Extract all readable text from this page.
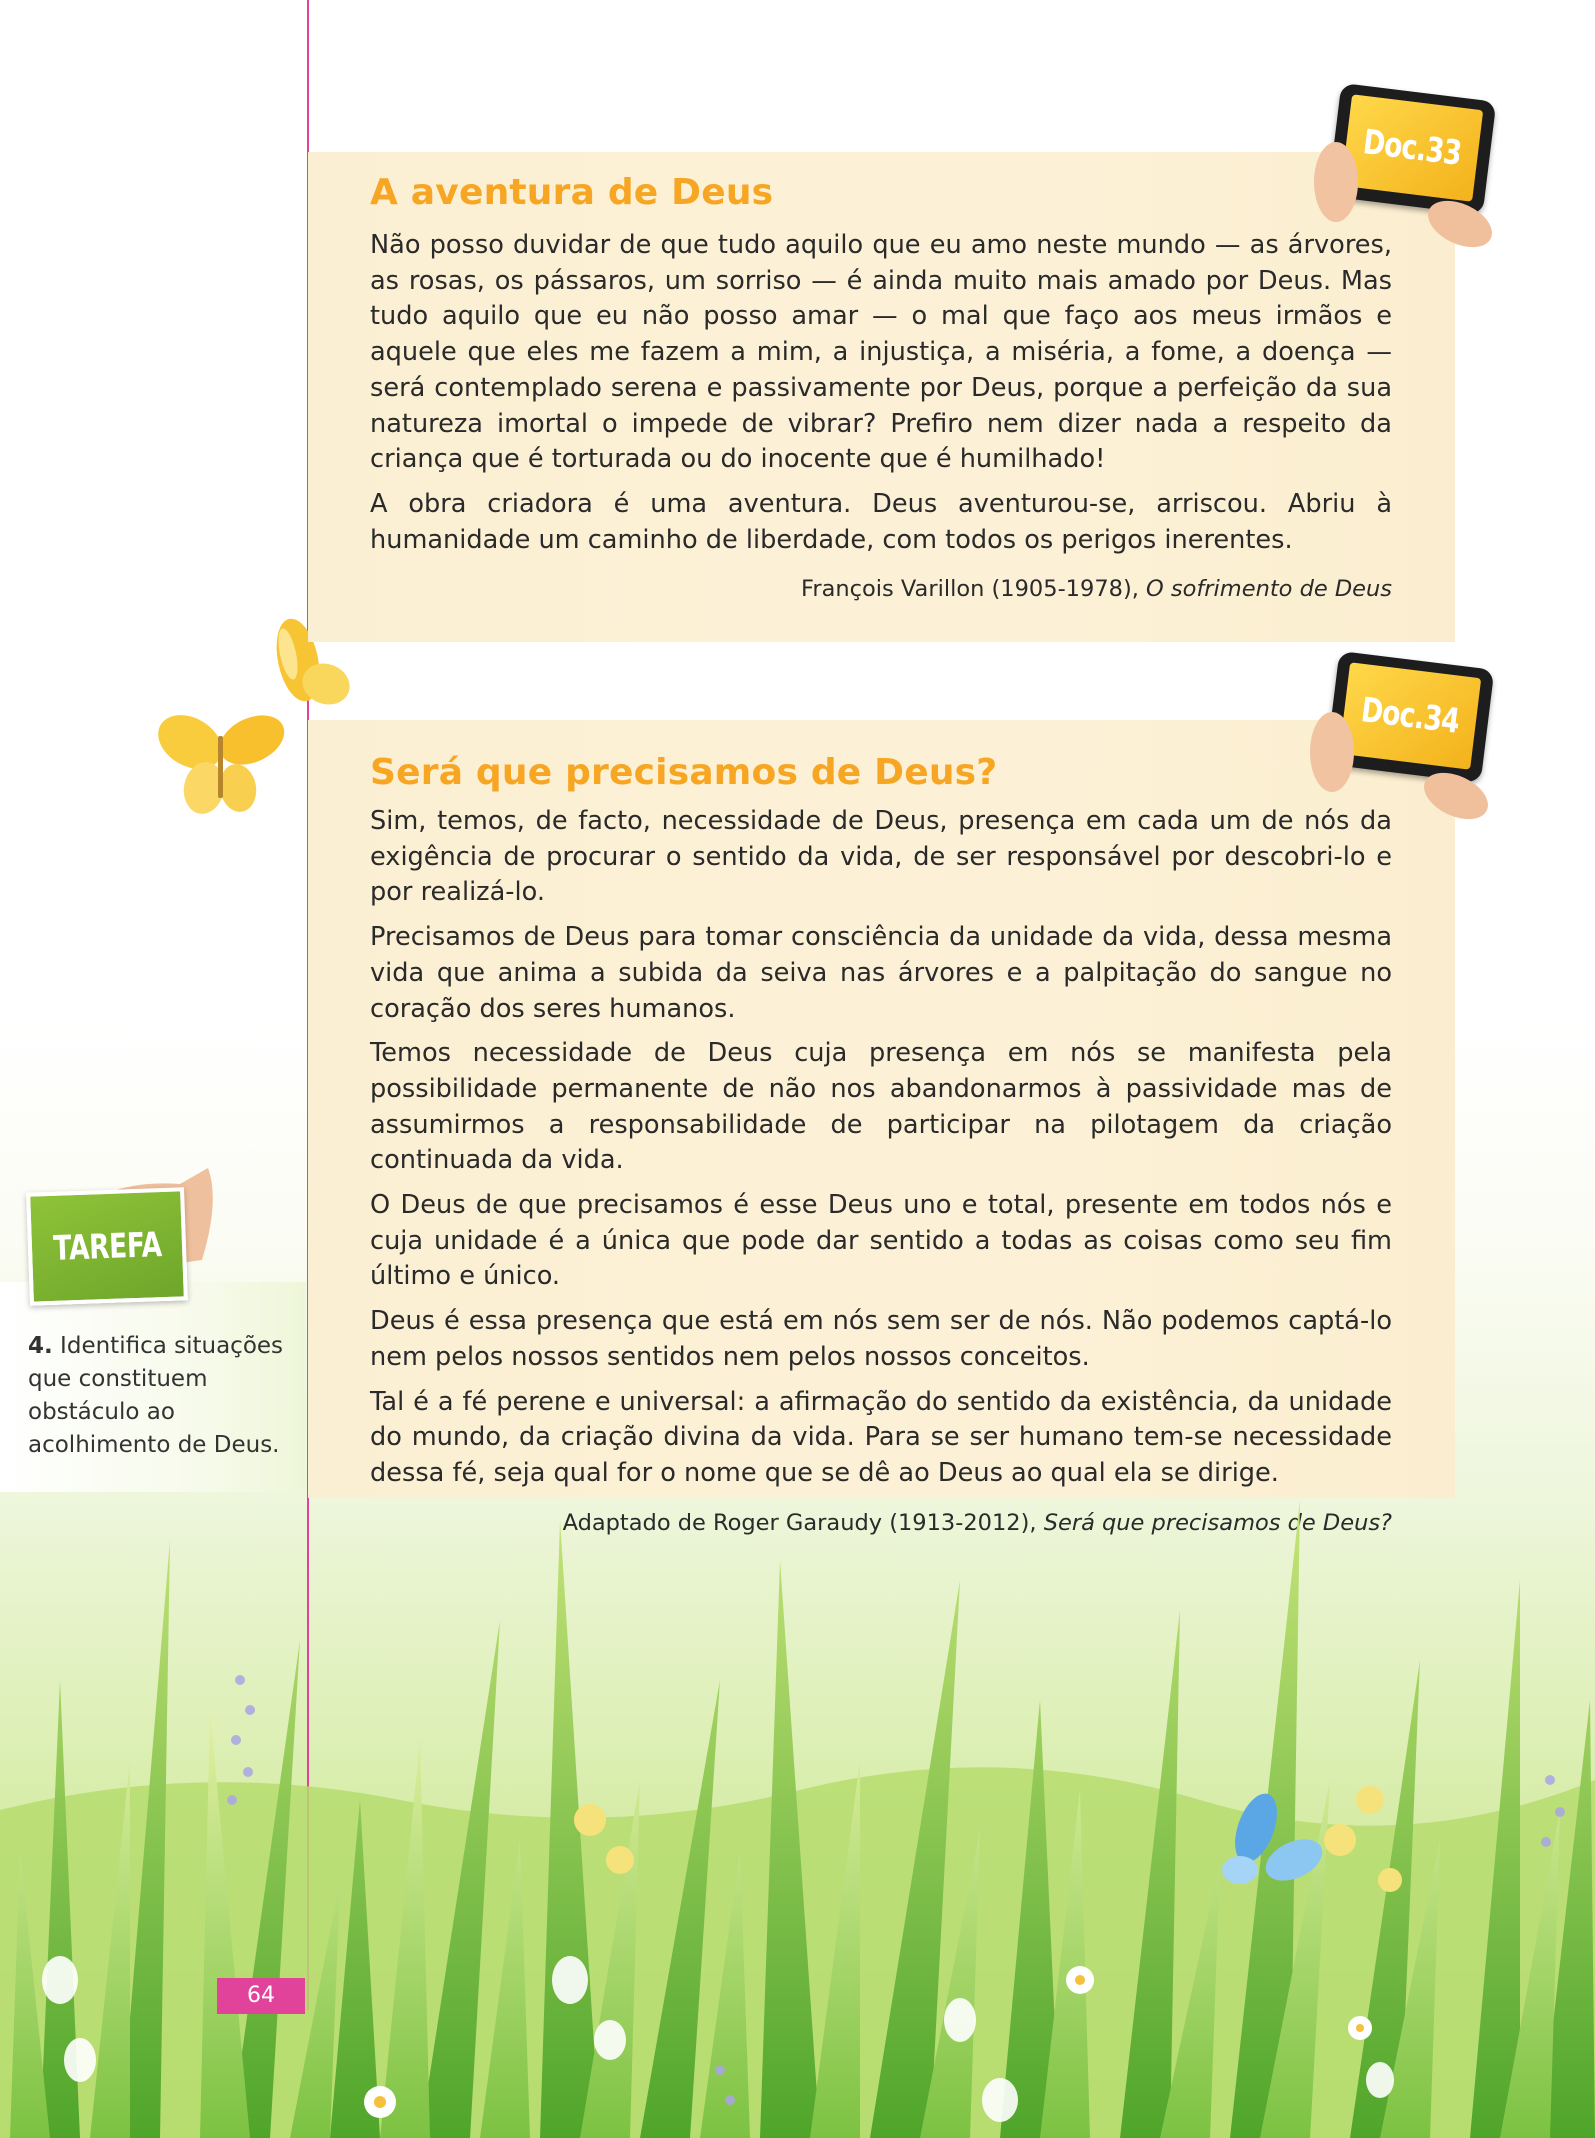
A aventura de Deus

Não posso duvidar de que tudo aquilo que eu amo neste mundo — as árvores, as rosas, os pássaros, um sorriso — é ainda muito mais amado por Deus. Mas tudo aquilo que eu não posso amar — o mal que faço aos meus irmãos e aquele que eles me fazem a mim, a injustiça, a miséria, a fome, a doença — será contemplado serena e passivamente por Deus, porque a perfeição da sua natureza imortal o impede de vibrar? Prefiro nem dizer nada a respeito da criança que é torturada ou do inocente que é humilhado!

A obra criadora é uma aventura. Deus aventurou-se, arriscou. Abriu à humanidade um caminho de liberdade, com todos os perigos inerentes.

François Varillon (1905-1978), O sofrimento de Deus

Doc.33
Será que precisamos de Deus?

Sim, temos, de facto, necessidade de Deus, presença em cada um de nós da exigência de procurar o sentido da vida, de ser responsável por descobri-lo e por realizá-lo.

Precisamos de Deus para tomar consciência da unidade da vida, dessa mesma vida que anima a subida da seiva nas árvores e a palpitação do sangue no coração dos seres humanos.

Temos necessidade de Deus cuja presença em nós se manifesta pela possibilidade permanente de não nos abandonarmos à passividade mas de assumirmos a responsabilidade de participar na pilotagem da criação continuada da vida.

O Deus de que precisamos é esse Deus uno e total, presente em todos nós e cuja unidade é a única que pode dar sentido a todas as coisas como seu fim último e único.

Deus é essa presença que está em nós sem ser de nós. Não podemos captá-lo nem pelos nossos sentidos nem pelos nossos conceitos.

Tal é a fé perene e universal: a afirmação do sentido da existência, da unidade do mundo, da criação divina da vida. Para se ser humano tem-se necessidade dessa fé, seja qual for o nome que se dê ao Deus ao qual ela se dirige.

Adaptado de Roger Garaudy (1913-2012), Será que precisamos de Deus?

Doc.34
TAREFA
4. Identifica situações que constituem obstáculo ao acolhimento de Deus.
64
